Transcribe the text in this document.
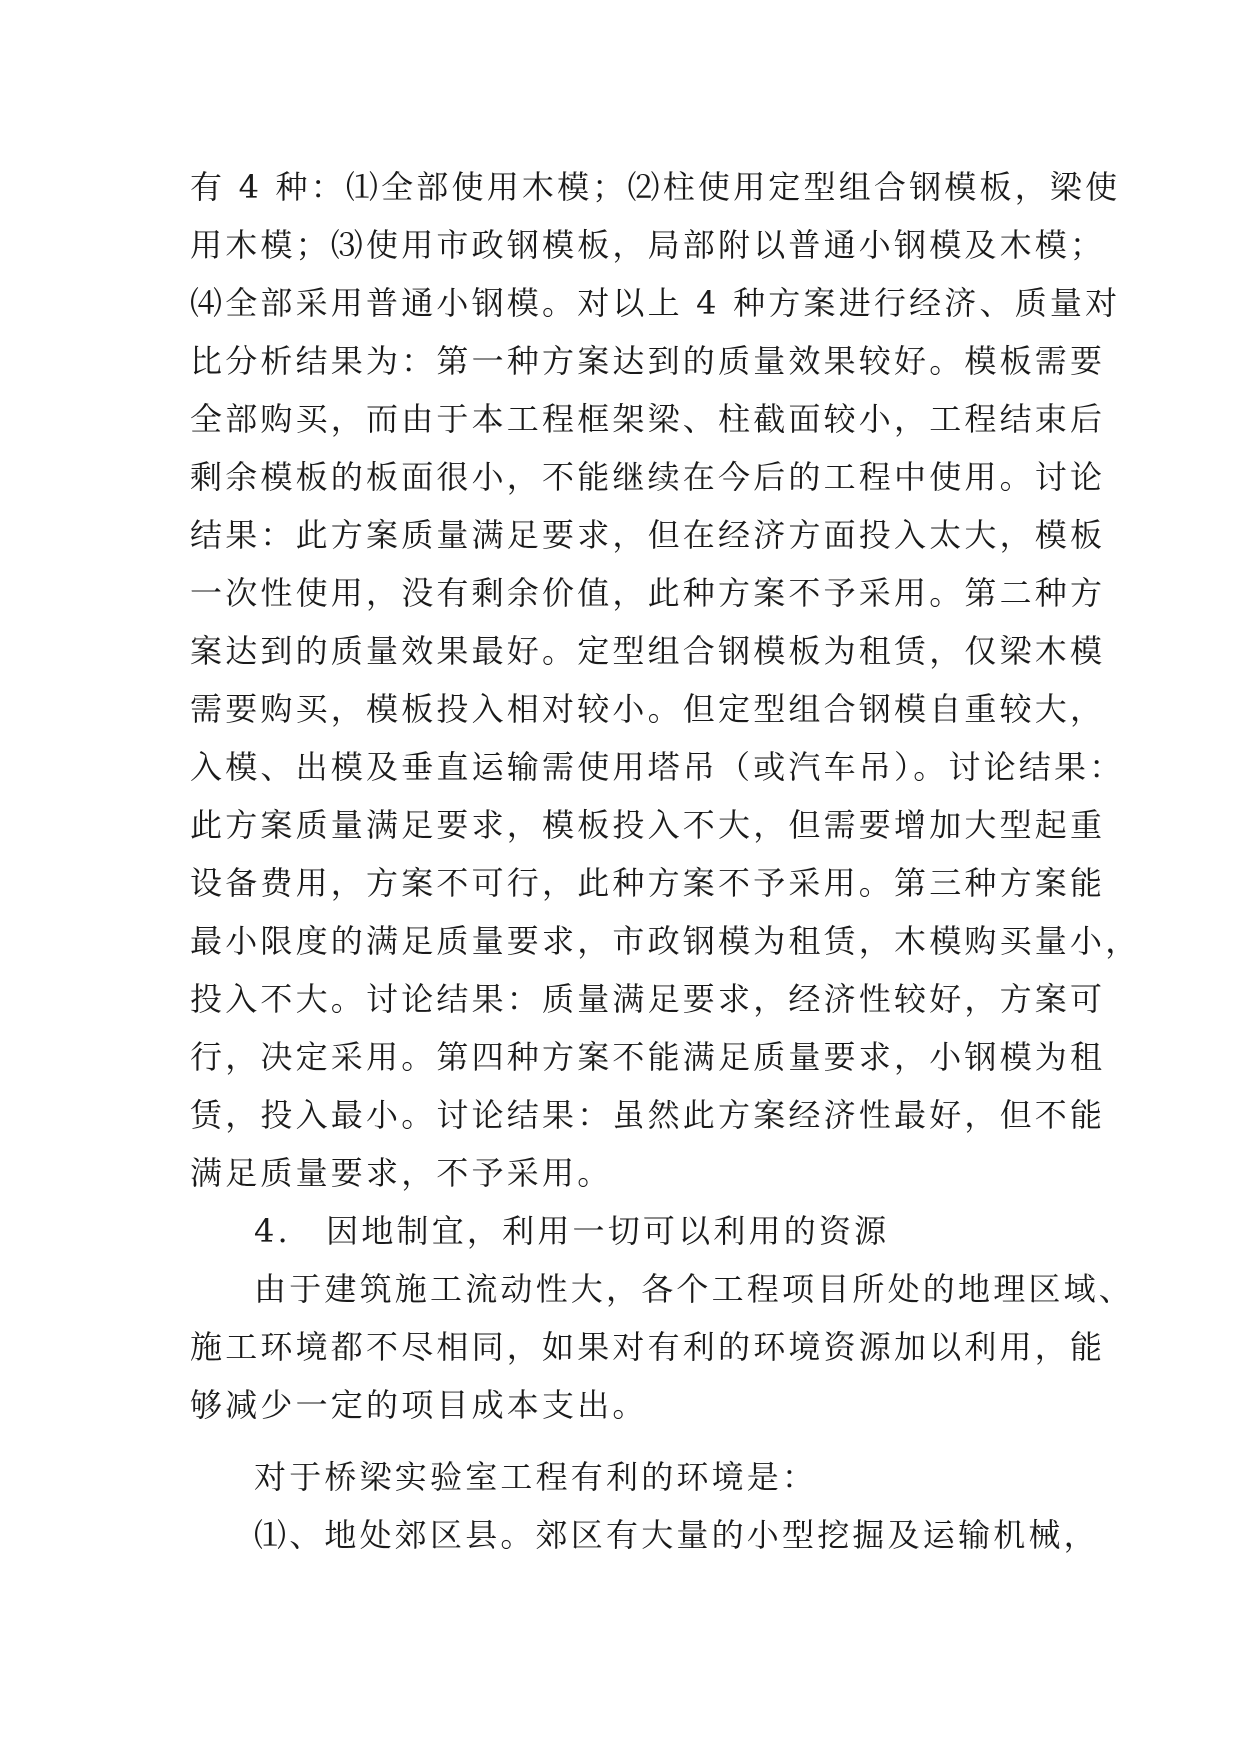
有 4 种：⑴全部使用木模；⑵柱使用定型组合钢模板，梁使
用木模；⑶使用市政钢模板，局部附以普通小钢模及木模；
⑷全部采用普通小钢模。对以上 4 种方案进行经济、质量对
比分析结果为：第一种方案达到的质量效果较好。模板需要
全部购买，而由于本工程框架梁、柱截面较小，工程结束后
剩余模板的板面很小，不能继续在今后的工程中使用。讨论
结果：此方案质量满足要求，但在经济方面投入太大，模板
一次性使用，没有剩余价值，此种方案不予采用。第二种方
案达到的质量效果最好。定型组合钢模板为租赁，仅梁木模
需要购买，模板投入相对较小。但定型组合钢模自重较大，
入模、出模及垂直运输需使用塔吊（或汽车吊）。讨论结果：
此方案质量满足要求，模板投入不大，但需要增加大型起重
设备费用，方案不可行，此种方案不予采用。第三种方案能
最小限度的满足质量要求，市政钢模为租赁，木模购买量小，
投入不大。讨论结果：质量满足要求，经济性较好，方案可
行，决定采用。第四种方案不能满足质量要求，小钢模为租
赁，投入最小。讨论结果：虽然此方案经济性最好，但不能
满足质量要求，不予采用。
4.　因地制宜，利用一切可以利用的资源
由于建筑施工流动性大，各个工程项目所处的地理区域、
施工环境都不尽相同，如果对有利的环境资源加以利用，能
够减少一定的项目成本支出。
对于桥梁实验室工程有利的环境是：
⑴、地处郊区县。郊区有大量的小型挖掘及运输机械，
